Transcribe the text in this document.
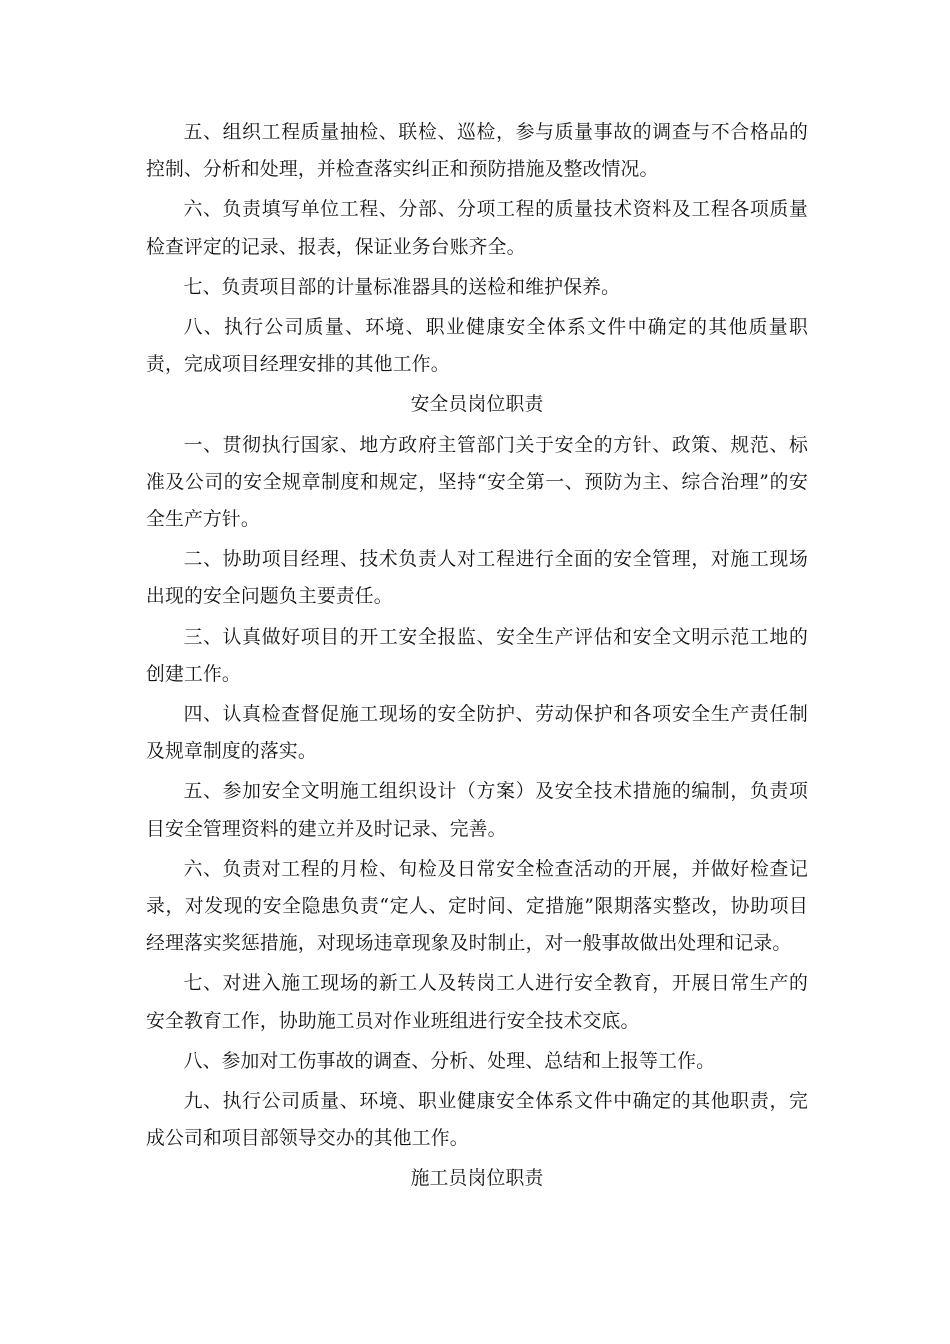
五、组织工程质量抽检、联检、巡检，参与质量事故的调查与不合格品的控制、分析和处理，并检查落实纠正和预防措施及整改情况。

六、负责填写单位工程、分部、分项工程的质量技术资料及工程各项质量检查评定的记录、报表，保证业务台账齐全。

七、负责项目部的计量标准器具的送检和维护保养。

八、执行公司质量、环境、职业健康安全体系文件中确定的其他质量职责，完成项目经理安排的其他工作。

安全员岗位职责

一、贯彻执行国家、地方政府主管部门关于安全的方针、政策、规范、标准及公司的安全规章制度和规定，坚持“安全第一、预防为主、综合治理”的安全生产方针。

二、协助项目经理、技术负责人对工程进行全面的安全管理，对施工现场出现的安全问题负主要责任。

三、认真做好项目的开工安全报监、安全生产评估和安全文明示范工地的创建工作。

四、认真检查督促施工现场的安全防护、劳动保护和各项安全生产责任制及规章制度的落实。

五、参加安全文明施工组织设计（方案）及安全技术措施的编制，负责项目安全管理资料的建立并及时记录、完善。

六、负责对工程的月检、旬检及日常安全检查活动的开展，并做好检查记录，对发现的安全隐患负责“定人、定时间、定措施”限期落实整改，协助项目经理落实奖惩措施，对现场违章现象及时制止，对一般事故做出处理和记录。

七、对进入施工现场的新工人及转岗工人进行安全教育，开展日常生产的安全教育工作，协助施工员对作业班组进行安全技术交底。

八、参加对工伤事故的调查、分析、处理、总结和上报等工作。

九、执行公司质量、环境、职业健康安全体系文件中确定的其他职责，完成公司和项目部领导交办的其他工作。

施工员岗位职责
